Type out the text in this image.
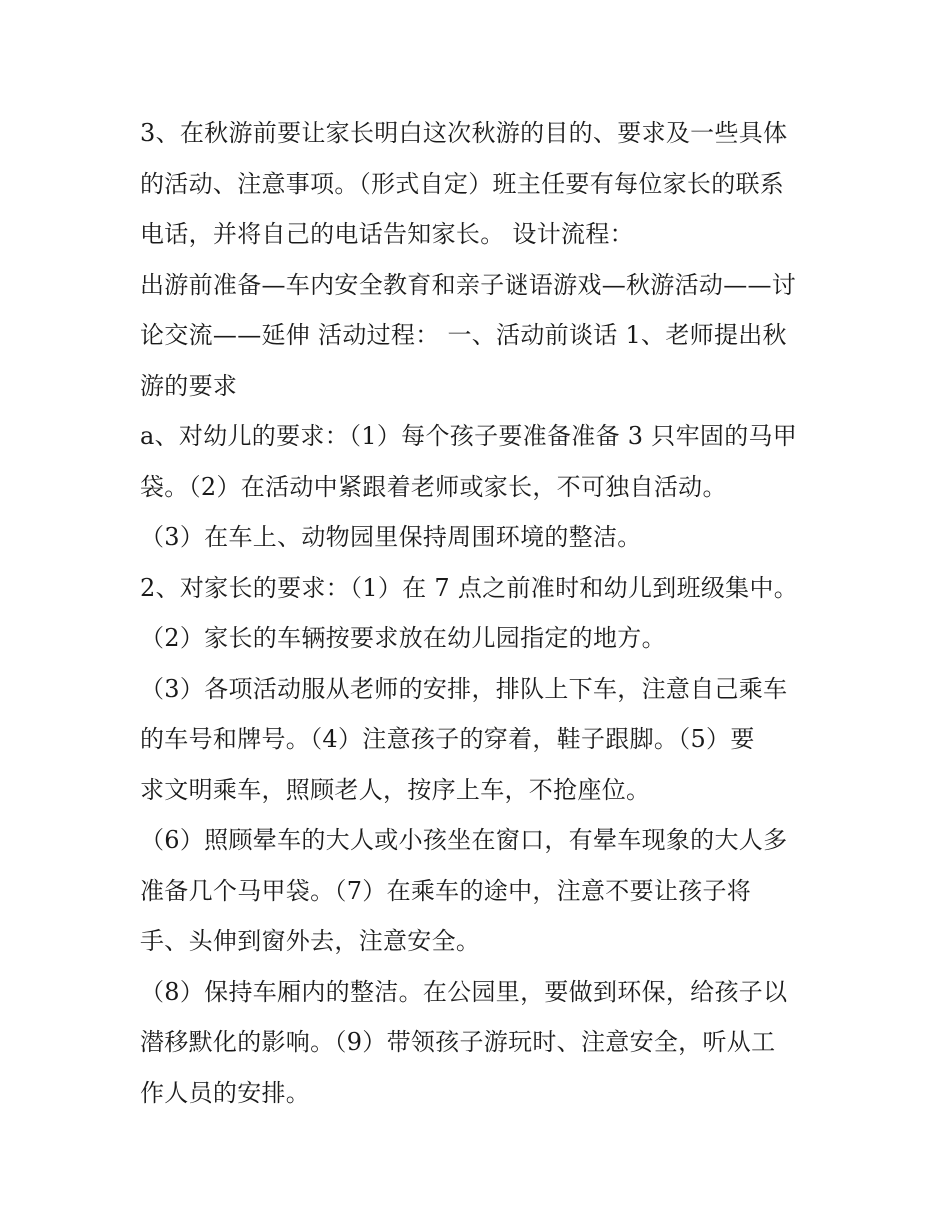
3、在秋游前要让家长明白这次秋游的目的、要求及一些具体

的活动、注意事项。（形式自定）班主任要有每位家长的联系

电话，并将自己的电话告知家长。 设计流程：

出游前准备—车内安全教育和亲子谜语游戏—秋游活动——讨

论交流——延伸 活动过程： 一、活动前谈话 1、老师提出秋

游的要求

a、对幼儿的要求：（1）每个孩子要准备准备 3 只牢固的马甲

袋。（2）在活动中紧跟着老师或家长，不可独自活动。

（3）在车上、动物园里保持周围环境的整洁。

2、对家长的要求：（1）在 7 点之前准时和幼儿到班级集中。

（2）家长的车辆按要求放在幼儿园指定的地方。

（3）各项活动服从老师的安排，排队上下车，注意自己乘车

的车号和牌号。（4）注意孩子的穿着，鞋子跟脚。（5）要

求文明乘车，照顾老人，按序上车，不抢座位。

（6）照顾晕车的大人或小孩坐在窗口，有晕车现象的大人多

准备几个马甲袋。（7）在乘车的途中，注意不要让孩子将

手、头伸到窗外去，注意安全。

（8）保持车厢内的整洁。在公园里，要做到环保，给孩子以

潜移默化的影响。（9）带领孩子游玩时、注意安全，听从工

作人员的安排。
